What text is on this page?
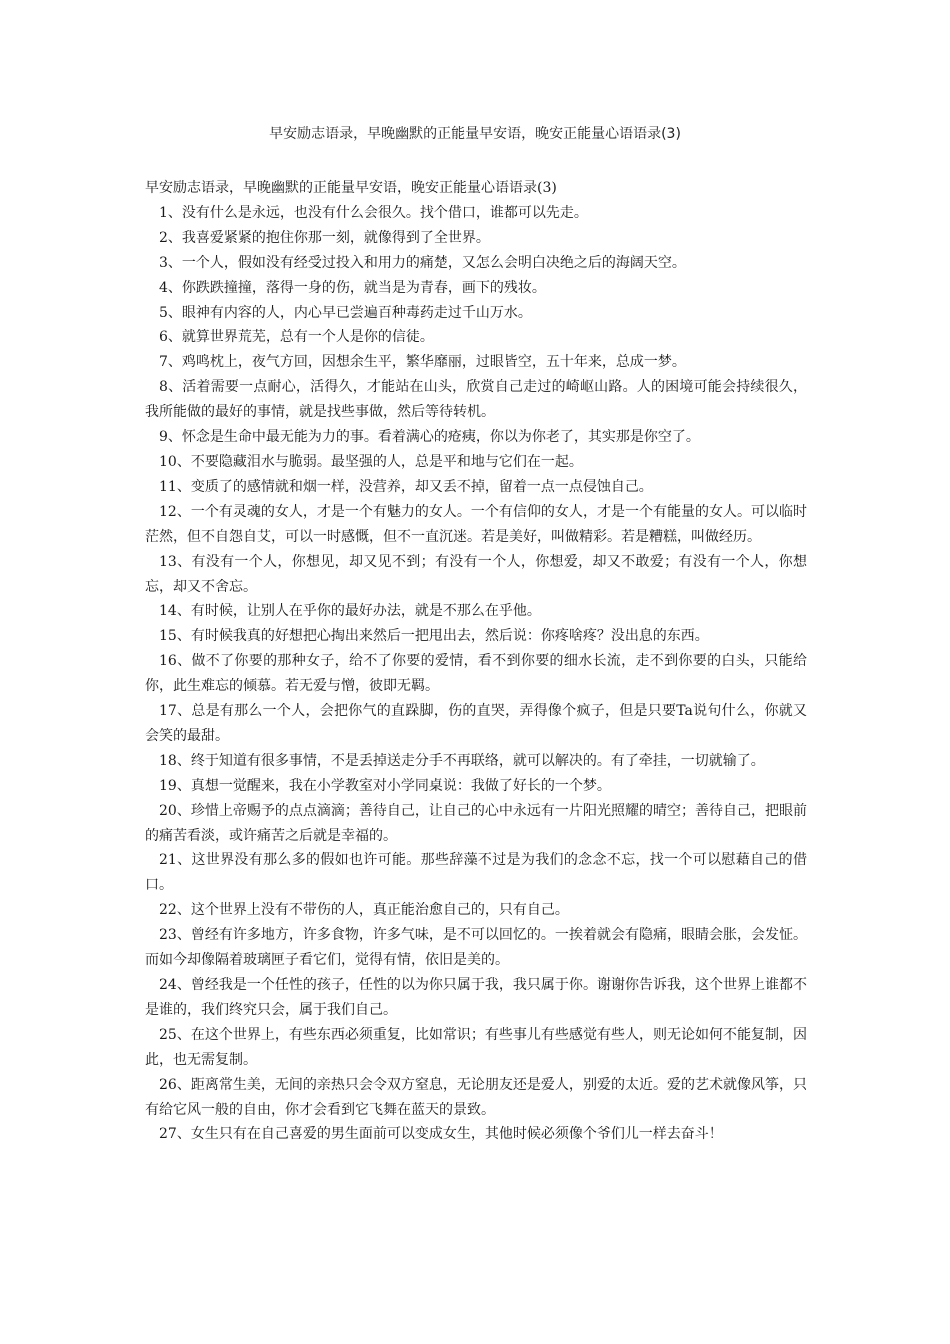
早安励志语录，早晚幽默的正能量早安语，晚安正能量心语语录(3)

早安励志语录，早晚幽默的正能量早安语，晚安正能量心语语录(3)

1、没有什么是永远，也没有什么会很久。找个借口，谁都可以先走。

2、我喜爱紧紧的抱住你那一刻，就像得到了全世界。

3、一个人，假如没有经受过投入和用力的痛楚，又怎么会明白决绝之后的海阔天空。

4、你跌跌撞撞，落得一身的伤，就当是为青春，画下的残妆。

5、眼神有内容的人，内心早已尝遍百种毒药走过千山万水。

6、就算世界荒芜，总有一个人是你的信徒。

7、鸡鸣枕上，夜气方回，因想余生平，繁华靡丽，过眼皆空，五十年来，总成一梦。

8、活着需要一点耐心，活得久，才能站在山头，欣赏自己走过的崎岖山路。人的困境可能会持续很久，我所能做的最好的事情，就是找些事做，然后等待转机。

9、怀念是生命中最无能为力的事。看着满心的疮痍，你以为你老了，其实那是你空了。

10、不要隐藏泪水与脆弱。最坚强的人，总是平和地与它们在一起。

11、变质了的感情就和烟一样，没营养，却又丢不掉，留着一点一点侵蚀自己。

12、一个有灵魂的女人，才是一个有魅力的女人。一个有信仰的女人，才是一个有能量的女人。可以临时茫然，但不自怨自艾，可以一时感慨，但不一直沉迷。若是美好，叫做精彩。若是糟糕，叫做经历。

13、有没有一个人，你想见，却又见不到；有没有一个人，你想爱，却又不敢爱；有没有一个人，你想忘，却又不舍忘。

14、有时候，让别人在乎你的最好办法，就是不那么在乎他。

15、有时候我真的好想把心掏出来然后一把甩出去，然后说：你疼啥疼？没出息的东西。

16、做不了你要的那种女子，给不了你要的爱情，看不到你要的细水长流，走不到你要的白头，只能给你，此生难忘的倾慕。若无爱与憎，彼即无羁。

17、总是有那么一个人，会把你气的直跺脚，伤的直哭，弄得像个疯子，但是只要Ta说句什么，你就又会笑的最甜。

18、终于知道有很多事情，不是丢掉送走分手不再联络，就可以解决的。有了牵挂，一切就输了。

19、真想一觉醒来，我在小学教室对小学同桌说：我做了好长的一个梦。

20、珍惜上帝赐予的点点滴滴；善待自己，让自己的心中永远有一片阳光照耀的晴空；善待自己，把眼前的痛苦看淡，或许痛苦之后就是幸福的。

21、这世界没有那么多的假如也许可能。那些辞藻不过是为我们的念念不忘，找一个可以慰藉自己的借口。

22、这个世界上没有不带伤的人，真正能治愈自己的，只有自己。

23、曾经有许多地方，许多食物，许多气味，是不可以回忆的。一挨着就会有隐痛，眼睛会胀，会发怔。而如今却像隔着玻璃匣子看它们，觉得有情，依旧是美的。

24、曾经我是一个任性的孩子，任性的以为你只属于我，我只属于你。谢谢你告诉我，这个世界上谁都不是谁的，我们终究只会，属于我们自己。

25、在这个世界上，有些东西必须重复，比如常识；有些事儿有些感觉有些人，则无论如何不能复制，因此，也无需复制。

26、距离常生美，无间的亲热只会令双方窒息，无论朋友还是爱人，别爱的太近。爱的艺术就像风筝，只有给它风一般的自由，你才会看到它飞舞在蓝天的景致。

27、女生只有在自己喜爱的男生面前可以变成女生，其他时候必须像个爷们儿一样去奋斗！
